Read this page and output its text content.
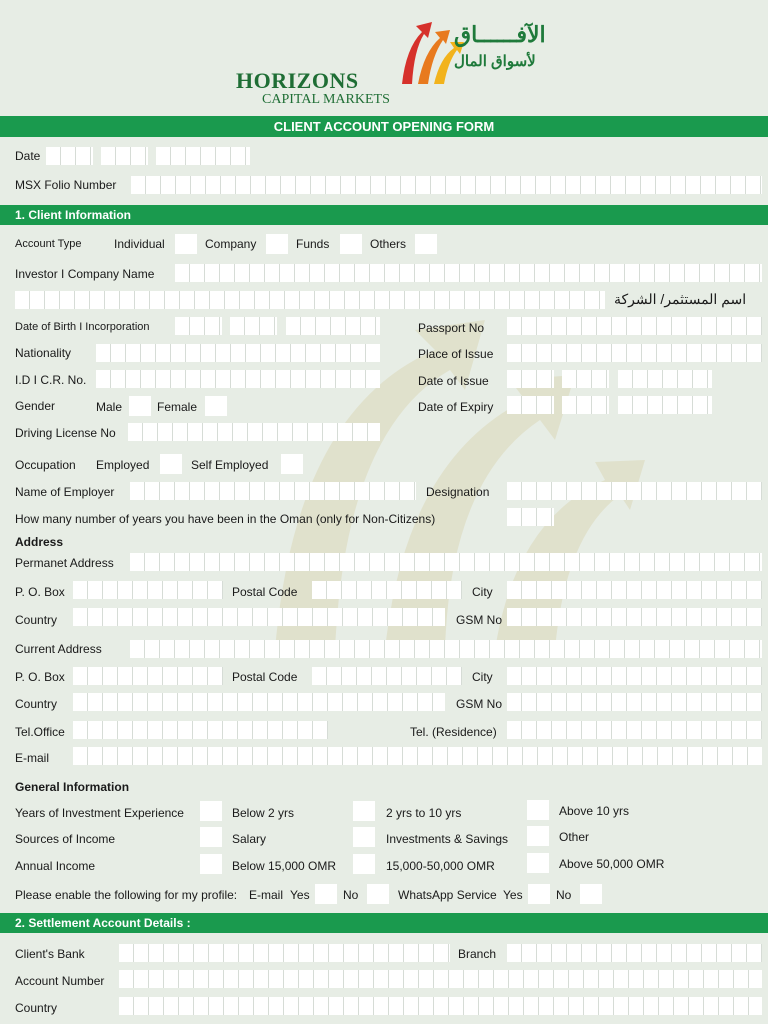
الآفــــــاق
لأسواق المال
HORIZONS
CAPITAL MARKETS
CLIENT ACCOUNT OPENING FORM
Date
MSX Folio Number
1. Client Information
Account Type	Individual	Company	Funds	Others
Investor I Company Name
اسم المستثمر/ الشركة
Date of Birth I Incorporation	Passport No
Nationality	Place of Issue
I.D I C.R. No.	Date of Issue
Gender	Male	Female	Date of Expiry
Driving License No
Occupation Employed	Self Employed
Name of Employer	Designation
How many number of years you have been in the Oman (only for Non-Citizens)
Address
Permanet Address
P. O. Box	Postal Code	City
Country	GSM No
Current Address
P. O. Box	Postal Code	City
Country	GSM No
Tel.Office	Tel. (Residence)
E-mail
General Information
Years of Investment Experience	Below 2 yrs	2 yrs to 10 yrs	Above 10 yrs
Sources of Income	Salary	Investments & Savings	Other
Annual Income	Below 15,000 OMR	15,000-50,000 OMR	Above 50,000 OMR
Please enable the following for my profile: E-mail Yes	No	WhatsApp Service Yes	No
2. Settlement Account Details :
Client's Bank	Branch
Account Number
Country
